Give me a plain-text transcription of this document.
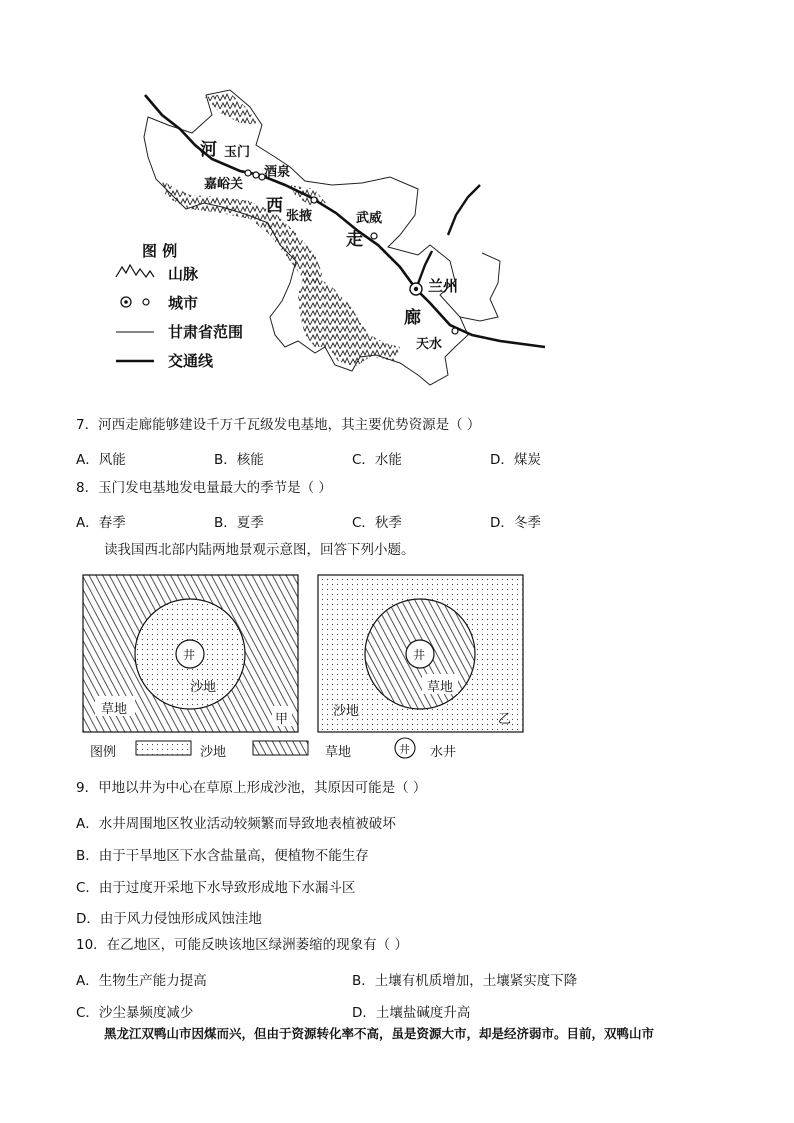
河 玉门
酒泉
嘉峪关
西
张掖	武威
走
兰州
廊
天水
图 例
山脉
城市
甘肃省范围
交通线
7．河西走廊能够建设千万千瓦级发电基地，其主要优势资源是（ ）
A．风能	B．核能	C．水能	D．煤炭
8．玉门发电基地发电量最大的季节是（ ）
A．春季	B．夏季	C．秋季	D．冬季
读我国西北部内陆两地景观示意图，回答下列小题。
井
沙地
草地
甲
井
草地
沙地
乙
图例	沙地	草地	井 水井
9．甲地以井为中心在草原上形成沙池，其原因可能是（ ）
A．水井周围地区牧业活动较频繁而导致地表植被破坏
B．由于干旱地区下水含盐量高，便植物不能生存
C．由于过度开采地下水导致形成地下水漏斗区
D．由于风力侵蚀形成风蚀洼地
10．在乙地区，可能反映该地区绿洲萎缩的现象有（ ）
A．生物生产能力提高	B．土壤有机质增加，土壤紧实度下降
C．沙尘暴频度减少	D．土壤盐碱度升高
黑龙江双鸭山市因煤而兴，但由于资源转化率不高，虽是资源大市，却是经济弱市。目前，双鸭山市
